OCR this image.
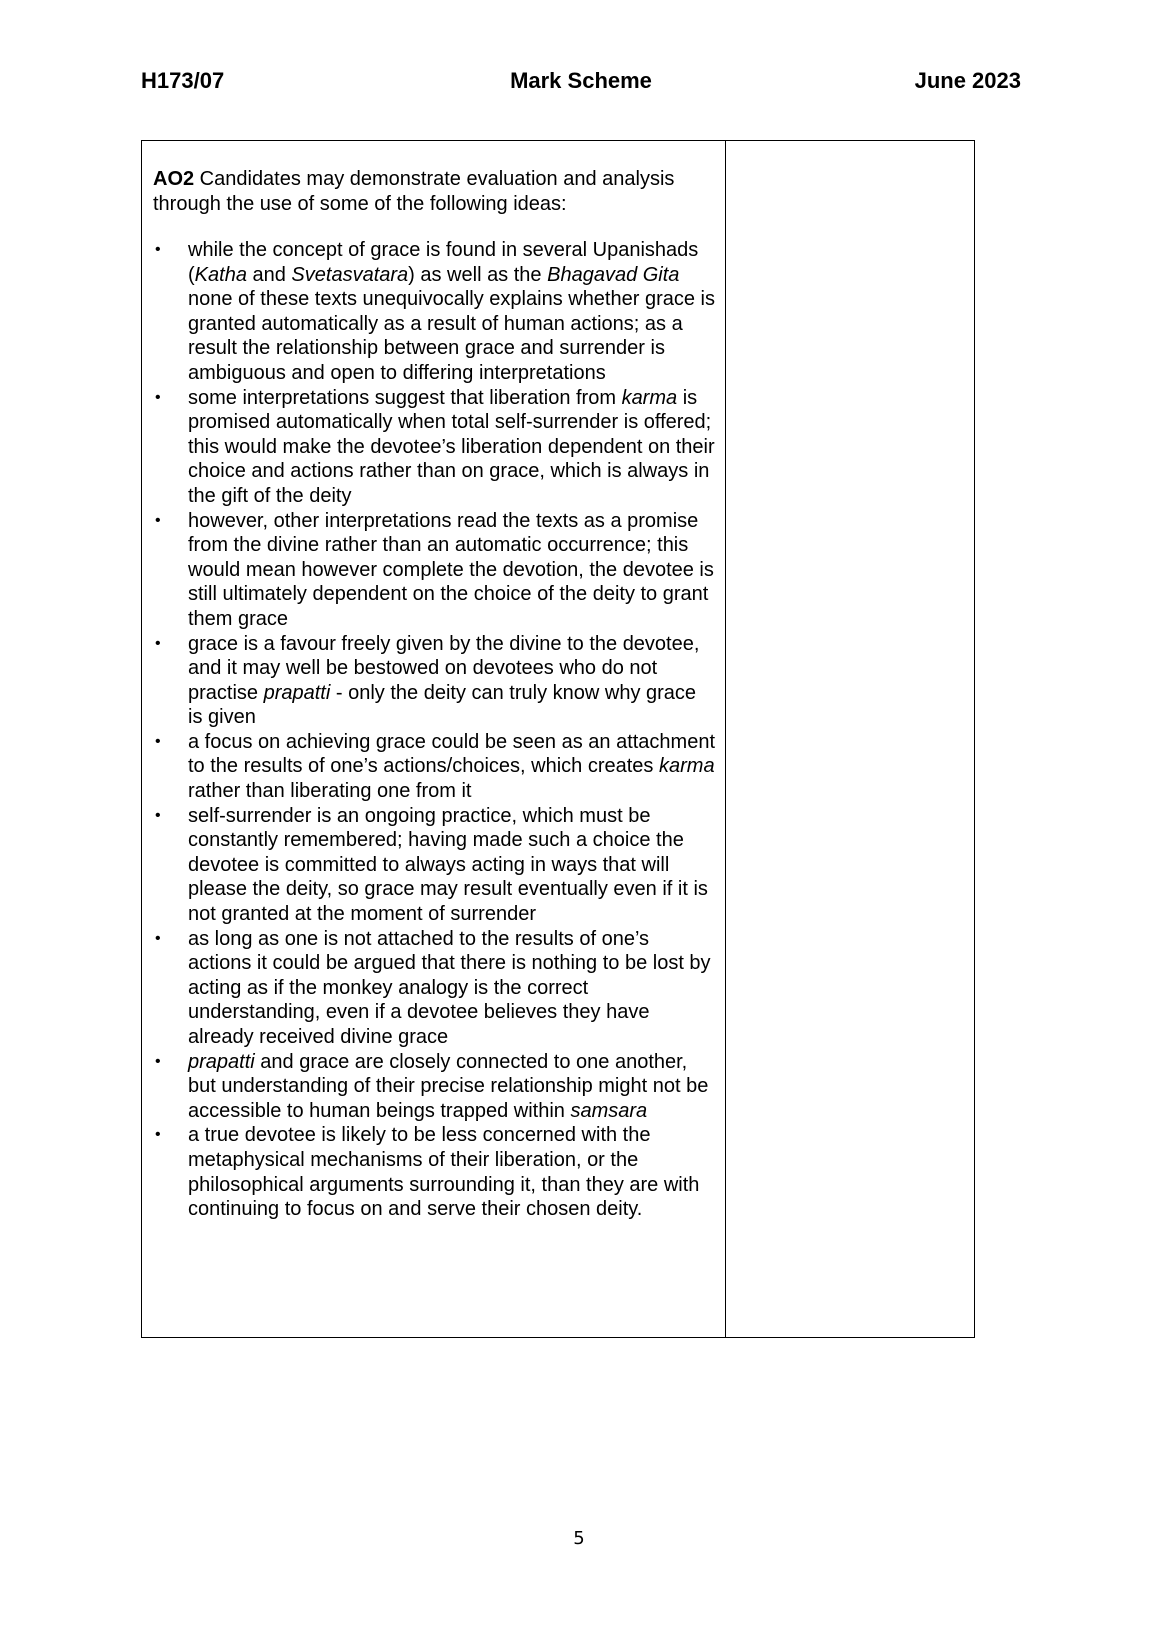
H173/07	Mark Scheme	June 2023

AO2 Candidates may demonstrate evaluation and analysis through the use of some of the following ideas:

• while the concept of grace is found in several Upanishads (Katha and Svetasvatara) as well as the Bhagavad Gita none of these texts unequivocally explains whether grace is granted automatically as a result of human actions; as a result the relationship between grace and surrender is ambiguous and open to differing interpretations
• some interpretations suggest that liberation from karma is promised automatically when total self-surrender is offered; this would make the devotee’s liberation dependent on their choice and actions rather than on grace, which is always in the gift of the deity
• however, other interpretations read the texts as a promise from the divine rather than an automatic occurrence; this would mean however complete the devotion, the devotee is still ultimately dependent on the choice of the deity to grant them grace
• grace is a favour freely given by the divine to the devotee, and it may well be bestowed on devotees who do not practise prapatti - only the deity can truly know why grace is given
• a focus on achieving grace could be seen as an attachment to the results of one’s actions/choices, which creates karma rather than liberating one from it
• self-surrender is an ongoing practice, which must be constantly remembered; having made such a choice the devotee is committed to always acting in ways that will please the deity, so grace may result eventually even if it is not granted at the moment of surrender
• as long as one is not attached to the results of one’s actions it could be argued that there is nothing to be lost by acting as if the monkey analogy is the correct understanding, even if a devotee believes they have already received divine grace
• prapatti and grace are closely connected to one another, but understanding of their precise relationship might not be accessible to human beings trapped within samsara
• a true devotee is likely to be less concerned with the metaphysical mechanisms of their liberation, or the philosophical arguments surrounding it, than they are with continuing to focus on and serve their chosen deity.
5
